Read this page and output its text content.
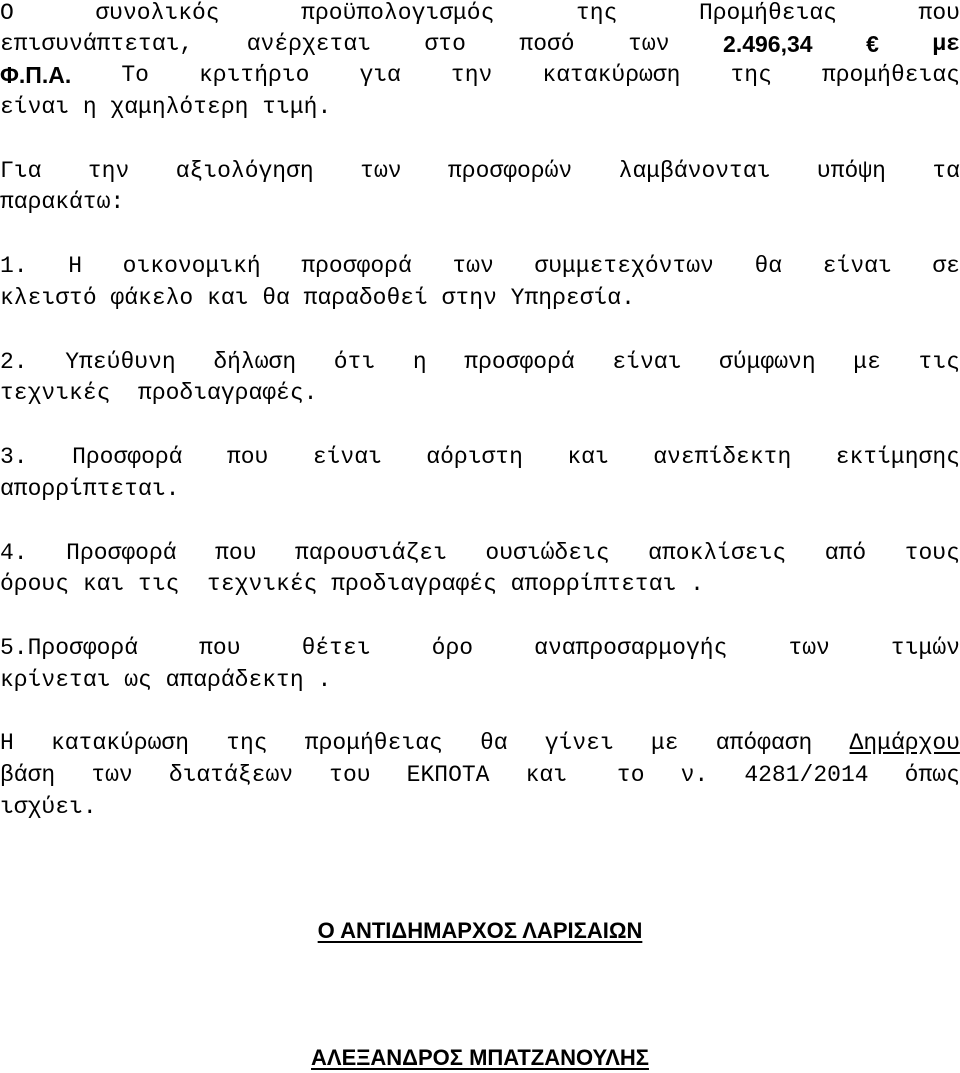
Ο	συνολικός	προϋπολογισμός	της	Προμήθειας	που
επισυνάπτεται, ανέρχεται στο ποσό των 2.496,34 € με
Φ.Π.Α. Το κριτήριο για την κατακύρωση της προμήθειας
είναι η χαμηλότερη τιμή.
Για την αξιολόγηση των προσφορών λαμβάνονται υπόψη τα
παρακάτω:
1. Η οικονομική προσφορά των συμμετεχόντων θα είναι σε
κλειστό φάκελο και θα παραδοθεί στην Υπηρεσία.
2. Υπεύθυνη δήλωση ότι η προσφορά είναι σύμφωνη με τις
τεχνικές  προδιαγραφές.
3. Προσφορά που είναι αόριστη και ανεπίδεκτη εκτίμησης
απορρίπτεται.
4. Προσφορά που παρουσιάζει ουσιώδεις αποκλίσεις από τους
όρους και τις  τεχνικές προδιαγραφές απορρίπτεται .
5.Προσφορά	που	θέτει	όρο	αναπροσαρμογής	των	τιμών
κρίνεται ως απαράδεκτη .
Η κατακύρωση της προμήθειας θα γίνει με απόφαση Δημάρχου
βάση των διατάξεων του ΕΚΠΟΤΑ και το ν. 4281/2014 όπως
ισχύει.
Ο ΑΝΤΙΔΗΜΑΡΧΟΣ ΛΑΡΙΣΑΙΩΝ
ΑΛΕΞΑΝΔΡΟΣ ΜΠΑΤΖΑΝΟΥΛΗΣ
